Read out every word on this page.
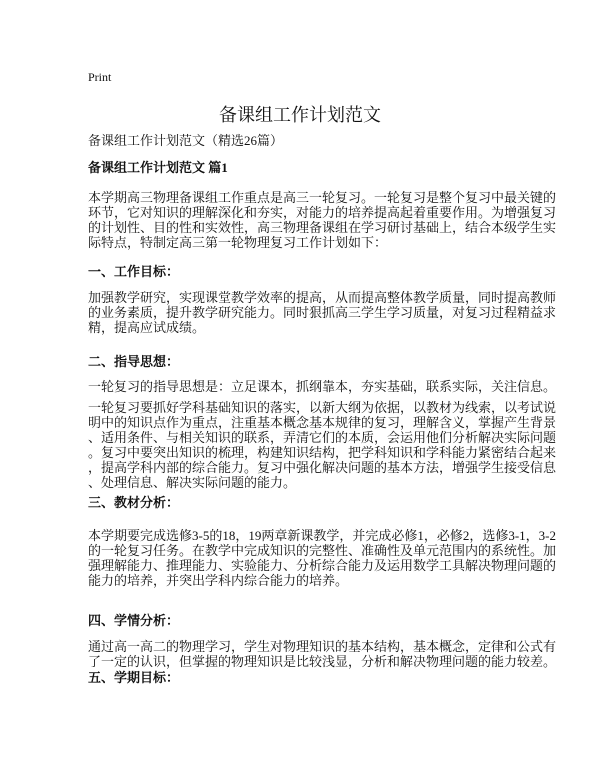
Print
备课组工作计划范文
备课组工作计划范文（精选26篇）
备课组工作计划范文 篇1
本学期高三物理备课组工作重点是高三一轮复习。一轮复习是整个复习中最关键的
环节，它对知识的理解深化和夯实，对能力的培养提高起着重要作用。为增强复习
的计划性、目的性和实效性，高三物理备课组在学习研讨基础上，结合本级学生实
际特点，特制定高三第一轮物理复习工作计划如下：
一、工作目标：
加强教学研究，实现课堂教学效率的提高，从而提高整体教学质量，同时提高教师
的业务素质，提升教学研究能力。同时狠抓高三学生学习质量，对复习过程精益求
精，提高应试成绩。
二、指导思想：
一轮复习的指导思想是：立足课本，抓纲靠本，夯实基础，联系实际，关注信息。
一轮复习要抓好学科基础知识的落实，以新大纲为依据，以教材为线索，以考试说
明中的知识点作为重点，注重基本概念基本规律的复习，理解含义，掌握产生背景
、适用条件、与相关知识的联系，弄清它们的本质，会运用他们分析解决实际问题
。复习中要突出知识的梳理，构建知识结构，把学科知识和学科能力紧密结合起来
，提高学科内部的综合能力。复习中强化解决问题的基本方法，增强学生接受信息
、处理信息、解决实际问题的能力。
三、教材分析：
本学期要完成选修3-5的18，19两章新课教学，并完成必修1，必修2，选修3-1，3-2
的一轮复习任务。在教学中完成知识的完整性、准确性及单元范围内的系统性。加
强理解能力、推理能力、实验能力、分析综合能力及运用数学工具解决物理问题的
能力的培养，并突出学科内综合能力的培养。
四、学情分析：
通过高一高二的物理学习，学生对物理知识的基本结构，基本概念，定律和公式有
了一定的认识，但掌握的物理知识是比较浅显，分析和解决物理问题的能力较差。
五、学期目标：
